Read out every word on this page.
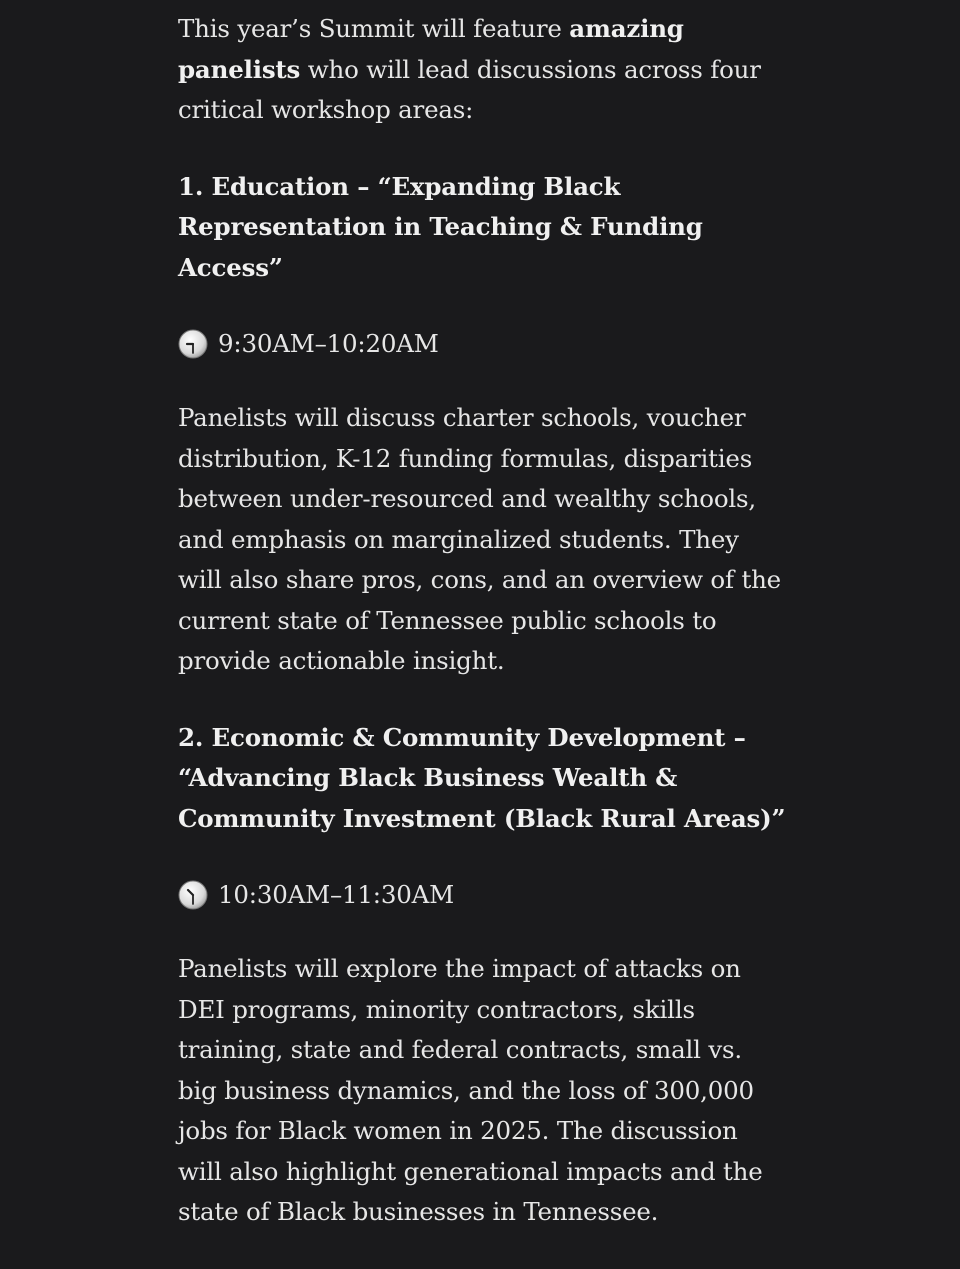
This year’s Summit will feature amazing panelists who will lead discussions across four critical workshop areas:

1. Education – “Expanding Black Representation in Teaching & Funding Access”

9:30AM–10:20AM

Panelists will discuss charter schools, voucher distribution, K-12 funding formulas, disparities between under-resourced and wealthy schools, and emphasis on marginalized students. They will also share pros, cons, and an overview of the current state of Tennessee public schools to provide actionable insight.

2. Economic & Community Development – “Advancing Black Business Wealth & Community Investment (Black Rural Areas)”

10:30AM–11:30AM

Panelists will explore the impact of attacks on DEI programs, minority contractors, skills training, state and federal contracts, small vs. big business dynamics, and the loss of 300,000 jobs for Black women in 2025. The discussion will also highlight generational impacts and the state of Black businesses in Tennessee.
